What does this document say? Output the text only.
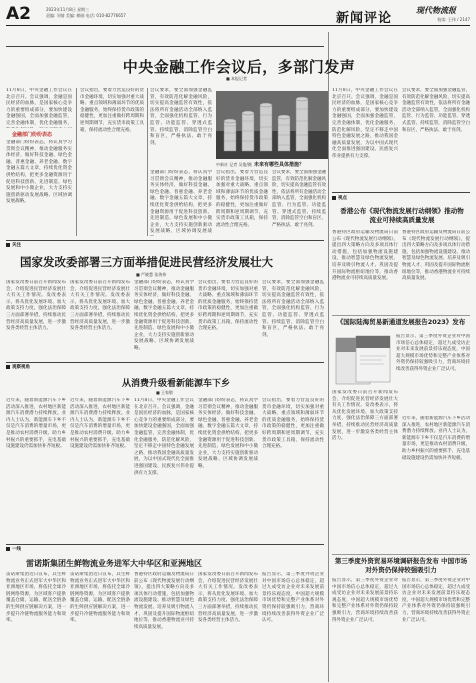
A2	2023年11月8日 星期三
责编: 刘倩 美编: 赖刚 电话: 010-82776657	新闻评论
现代物流报
校读: 王伟 / 2147
中央金融工作会议后，多部门发声
■ 本报记者
11月8日，中央金融工作会议在北京召开。会议强调，金融是国民经济的血脉，是国家核心竞争力的重要组成部分，要加快建设金融强国，全面加强金融监管，完善金融体制，优化金融服务，
金融部门纷纷表态
金融部门纷纷表态，将认真学习贯彻会议精神，推动金融服务实体经济，做好科技金融、绿色金融、普惠金融、养老金融、数字金融五篇大文章，持续优化资金供给结构，把更多金融资源用于促进科技创新、先进制造、绿色发展和中小微企业，大力支持实施创新驱动发展战略、区域协调发展战略。
会议指出，要着力营造良好的货币金融环境，切实加强对重大战略、重点领域和薄弱环节的优质金融服务，始终保持货币政策的稳健性，更加注重做好跨周期和逆周期调节，充实货币政策工具箱，保持流动性合理充裕。
会议要求，要全面加强金融监管，有效防范化解金融风险，切实提高金融监管有效性，依法将所有金融活动全部纳入监管，全面强化机构监管、行为监管、功能监管、穿透式监管、持续监管，消除监管空白和盲区，严格执法、敢于亮剑。
金融部门纷纷表态，将认真学习贯彻会议精神，推动金融服务实体经济，做好科技金融、绿色金融、普惠金融、养老金融、数字金融五篇大文章，持续优化资金供给结构，把更多金融资源用于促进科技创新、先进制造、绿色发展和中小微企业，大力支持实施创新驱动发展战略、区域协调发展战
未来有哪些具体措施？
中新社 记者 吴俊/摄
会议指出，要着力营造良好的货币金融环境，切实加强对重大战略、重点领域和薄弱环节的优质金融服务，始终保持货币政策的稳健性，更加注重做好跨周期和逆周期调节，充实货币政策工具箱，保持流动性合理充裕。
会议要求，要全面加强金融监管，有效防范化解金融风险，切实提高金融监管有效性，依法将所有金融活动全部纳入监管，全面强化机构监管、行为监管、功能监管、穿透式监管、持续监管，消除监管空白和盲区，严格执法、敢于亮剑。
11月8日，中央金融工作会议在北京召开。会议强调，金融是国民经济的血脉，是国家核心竞争力的重要组成部分，要加快建设金融强国，全面加强金融监管，完善金融体制，优化金融服务，防范化解风险，坚定不移走中国特色金融发展之路，推动我国金融高质量发展，为以中国式现代化全面推进强国建设、民族复兴伟业提供有力支撑。
会议要求，要全面加强金融监管，有效防范化解金融风险，切实提高金融监管有效性，依法将所有金融活动全部纳入监管，全面强化机构监管、行为监管、功能监管、穿透式监管、持续监管，消除监管空白和盲区，严格执法、敢于亮剑。
视点
香港公布《现代物流发展行动纲领》推动物流业可持续高质量发展
香港特区政府运输及物流局日前公布《现代物流发展行动纲领》，提出四大策略方向及多项具体行动措施，包括加强物流设施建设、推动智慧及绿色物流发展、培养及吸引物流人才、巩固及提升国际物流枢纽地位等，推动香港物流业可持续高质量发展。
香港特区政府运输及物流局日前公布《现代物流发展行动纲领》，提出四大策略方向及多项具体行动措施，包括加强物流设施建设、推动智慧及绿色物流发展、培养及吸引物流人才、巩固及提升国际物流枢纽地位等，推动香港物流业可持续高质量发展。
《国际陆海贸易新通道发展报告2023》发布
报告显示，第三季度外资企业对中国市场信心总体稳定，超过九成受访企业对未来发展前景持乐观态度，中国超大规模市场优势和完整产业体系对外资仍保持较强吸引力，营商环境持续改善获得外资企业广泛认可。
国家发改委日前召开新闻发布会，介绍促进民营经济发展壮大有关工作情况。发改委表示，将从优化发展环境、加大政策支持力度、强化法治保障三方面部署举措，持续推动民营经济高质量发展，进一步激发各类经营主体活力。
近年来，随着新能源汽车下乡活动深入推进，农村地区新能源汽车消费潜力持续释放。业内人士认为，新能源车下乡不仅是汽车消费的增量市场，更是推动农村消费升级、助力乡村振兴的重要抓手，充电基础设施建设仍需加快补齐短板。
第三季度外资贸易环境调研报告发布 中国市场对外资仍保持较强吸引力
报告显示，第三季度外资企业对中国市场信心总体稳定，超过九成受访企业对未来发展前景持乐观态度，中国超大规模市场优势和完整产业体系对外资仍保持较强吸引力，营商环境持续改善获得外资企业广泛认可。
报告显示，第三季度外资企业对中国市场信心总体稳定，超过九成受访企业对未来发展前景持乐观态度，中国超大规模市场优势和完整产业体系对外资仍保持较强吸引力，营商环境持续改善获得外资企业广泛认可。
关注
国家发改委部署三方面举措促进民营经济发展壮大
■ 严晓慧 张海伟
国家发改委日前召开新闻发布会，介绍促进民营经济发展壮大有关工作情况。发改委表示，将从优化发展环境、加大政策支持力度、强化法治保障三方面部署举措，持续推动民营经济高质量发展，进一步激发各类经营主体活力。
国家发改委日前召开新闻发布会，介绍促进民营经济发展壮大有关工作情况。发改委表示，将从优化发展环境、加大政策支持力度、强化法治保障三方面部署举措，持续推动民营经济高质量发展，进一步激发各类经营主体活力。
金融部门纷纷表态，将认真学习贯彻会议精神，推动金融服务实体经济，做好科技金融、绿色金融、普惠金融、养老金融、数字金融五篇大文章，持续优化资金供给结构，把更多金融资源用于促进科技创新、先进制造、绿色发展和中小微企业，大力支持实施创新驱动发展战略、区域协调发展战略。
会议指出，要着力营造良好的货币金融环境，切实加强对重大战略、重点领域和薄弱环节的优质金融服务，始终保持货币政策的稳健性，更加注重做好跨周期和逆周期调节，充实货币政策工具箱，保持流动性合理充裕。
会议要求，要全面加强金融监管，有效防范化解金融风险，切实提高金融监管有效性，依法将所有金融活动全部纳入监管，全面强化机构监管、行为监管、功能监管、穿透式监管、持续监管，消除监管空白和盲区，严格执法、敢于亮剑。
观察视角
从消费升级看新能源车下乡
■ 王家敬
近年来，随着新能源汽车下乡活动深入推进，农村地区新能源汽车消费潜力持续释放。业内人士认为，新能源车下乡不仅是汽车消费的增量市场，更是推动农村消费升级、助力乡村振兴的重要抓手，充电基础设施建设仍需加快补齐短板。
近年来，随着新能源汽车下乡活动深入推进，农村地区新能源汽车消费潜力持续释放。业内人士认为，新能源车下乡不仅是汽车消费的增量市场，更是推动农村消费升级、助力乡村振兴的重要抓手，充电基础设施建设仍需加快补齐短板。
11月8日，中央金融工作会议在北京召开。会议强调，金融是国民经济的血脉，是国家核心竞争力的重要组成部分，要加快建设金融强国，全面加强金融监管，完善金融体制，优化金融服务，防范化解风险，坚定不移走中国特色金融发展之路，推动我国金融高质量发展，为以中国式现代化全面推进强国建设、民族复兴伟业提供有力支撑。
金融部门纷纷表态，将认真学习贯彻会议精神，推动金融服务实体经济，做好科技金融、绿色金融、普惠金融、养老金融、数字金融五篇大文章，持续优化资金供给结构，把更多金融资源用于促进科技创新、先进制造、绿色发展和中小微企业，大力支持实施创新驱动发展战略、区域协调发展战略。
会议指出，要着力营造良好的货币金融环境，切实加强对重大战略、重点领域和薄弱环节的优质金融服务，始终保持货币政策的稳健性，更加注重做好跨周期和逆周期调节，充实货币政策工具箱，保持流动性合理充裕。
一线
雷诺斯集团生鲜物流业务进军大中华区和亚洲地区
雷诺斯集团近日宣布，其生鲜物流业务正式进军大中华区和亚洲地区市场，将依托全球冷链网络资源，为区域客户提供覆盖仓储、运输、配送全链条的生鲜供应链解决方案，进一步提升冷链物流服务能力和效率。
雷诺斯集团近日宣布，其生鲜物流业务正式进军大中华区和亚洲地区市场，将依托全球冷链网络资源，为区域客户提供覆盖仓储、运输、配送全链条的生鲜供应链解决方案，进一步提升冷链物流服务能力和效率。
香港特区政府运输及物流局日前公布《现代物流发展行动纲领》，提出四大策略方向及多项具体行动措施，包括加强物流设施建设、推动智慧及绿色物流发展、培养及吸引物流人才、巩固及提升国际物流枢纽地位等，推动香港物流业可持续高质量发展。
国家发改委日前召开新闻发布会，介绍促进民营经济发展壮大有关工作情况。发改委表示，将从优化发展环境、加大政策支持力度、强化法治保障三方面部署举措，持续推动民营经济高质量发展，进一步激发各类经营主体活力。
报告显示，第三季度外资企业对中国市场信心总体稳定，超过九成受访企业对未来发展前景持乐观态度，中国超大规模市场优势和完整产业体系对外资仍保持较强吸引力，营商环境持续改善获得外资企业广泛认可。
